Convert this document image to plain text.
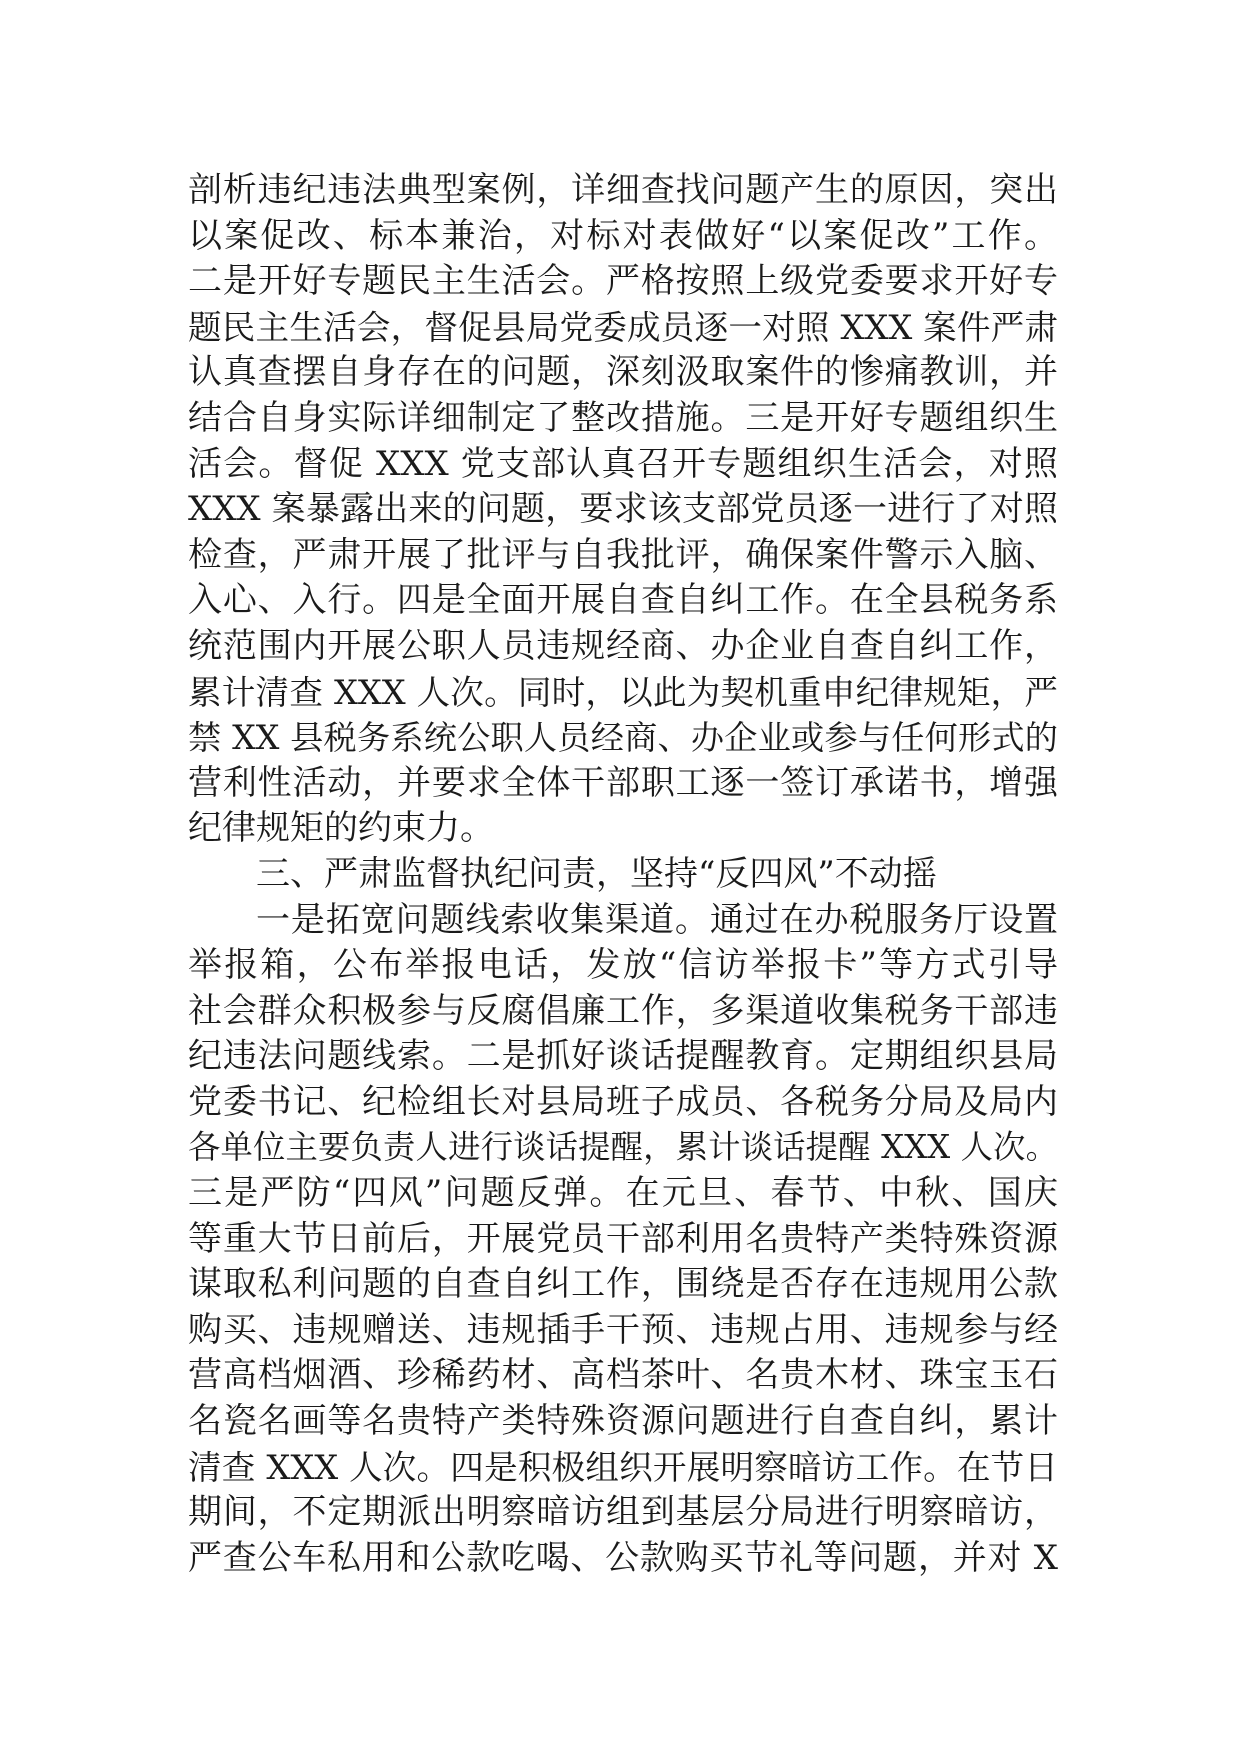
剖析违纪违法典型案例，详细查找问题产生的原因，突出
以案促改、标本兼治，对标对表做好“以案促改”工作。
二是开好专题民主生活会。严格按照上级党委要求开好专
题民主生活会，督促县局党委成员逐一对照 XXX 案件严肃
认真查摆自身存在的问题，深刻汲取案件的惨痛教训，并
结合自身实际详细制定了整改措施。三是开好专题组织生
活会。督促 XXX 党支部认真召开专题组织生活会，对照
XXX 案暴露出来的问题，要求该支部党员逐一进行了对照
检查，严肃开展了批评与自我批评，确保案件警示入脑、
入心、入行。四是全面开展自查自纠工作。在全县税务系
统范围内开展公职人员违规经商、办企业自查自纠工作，
累计清查 XXX 人次。同时，以此为契机重申纪律规矩，严
禁 XX 县税务系统公职人员经商、办企业或参与任何形式的
营利性活动，并要求全体干部职工逐一签订承诺书，增强
纪律规矩的约束力。
三、严肃监督执纪问责，坚持“反四风”不动摇
一是拓宽问题线索收集渠道。通过在办税服务厅设置
举报箱，公布举报电话，发放“信访举报卡”等方式引导
社会群众积极参与反腐倡廉工作，多渠道收集税务干部违
纪违法问题线索。二是抓好谈话提醒教育。定期组织县局
党委书记、纪检组长对县局班子成员、各税务分局及局内
各单位主要负责人进行谈话提醒，累计谈话提醒 XXX 人次。
三是严防“四风”问题反弹。在元旦、春节、中秋、国庆
等重大节日前后，开展党员干部利用名贵特产类特殊资源
谋取私利问题的自查自纠工作，围绕是否存在违规用公款
购买、违规赠送、违规插手干预、违规占用、违规参与经
营高档烟酒、珍稀药材、高档茶叶、名贵木材、珠宝玉石
名瓷名画等名贵特产类特殊资源问题进行自查自纠，累计
清查 XXX 人次。四是积极组织开展明察暗访工作。在节日
期间，不定期派出明察暗访组到基层分局进行明察暗访，
严查公车私用和公款吃喝、公款购买节礼等问题，并对 X
